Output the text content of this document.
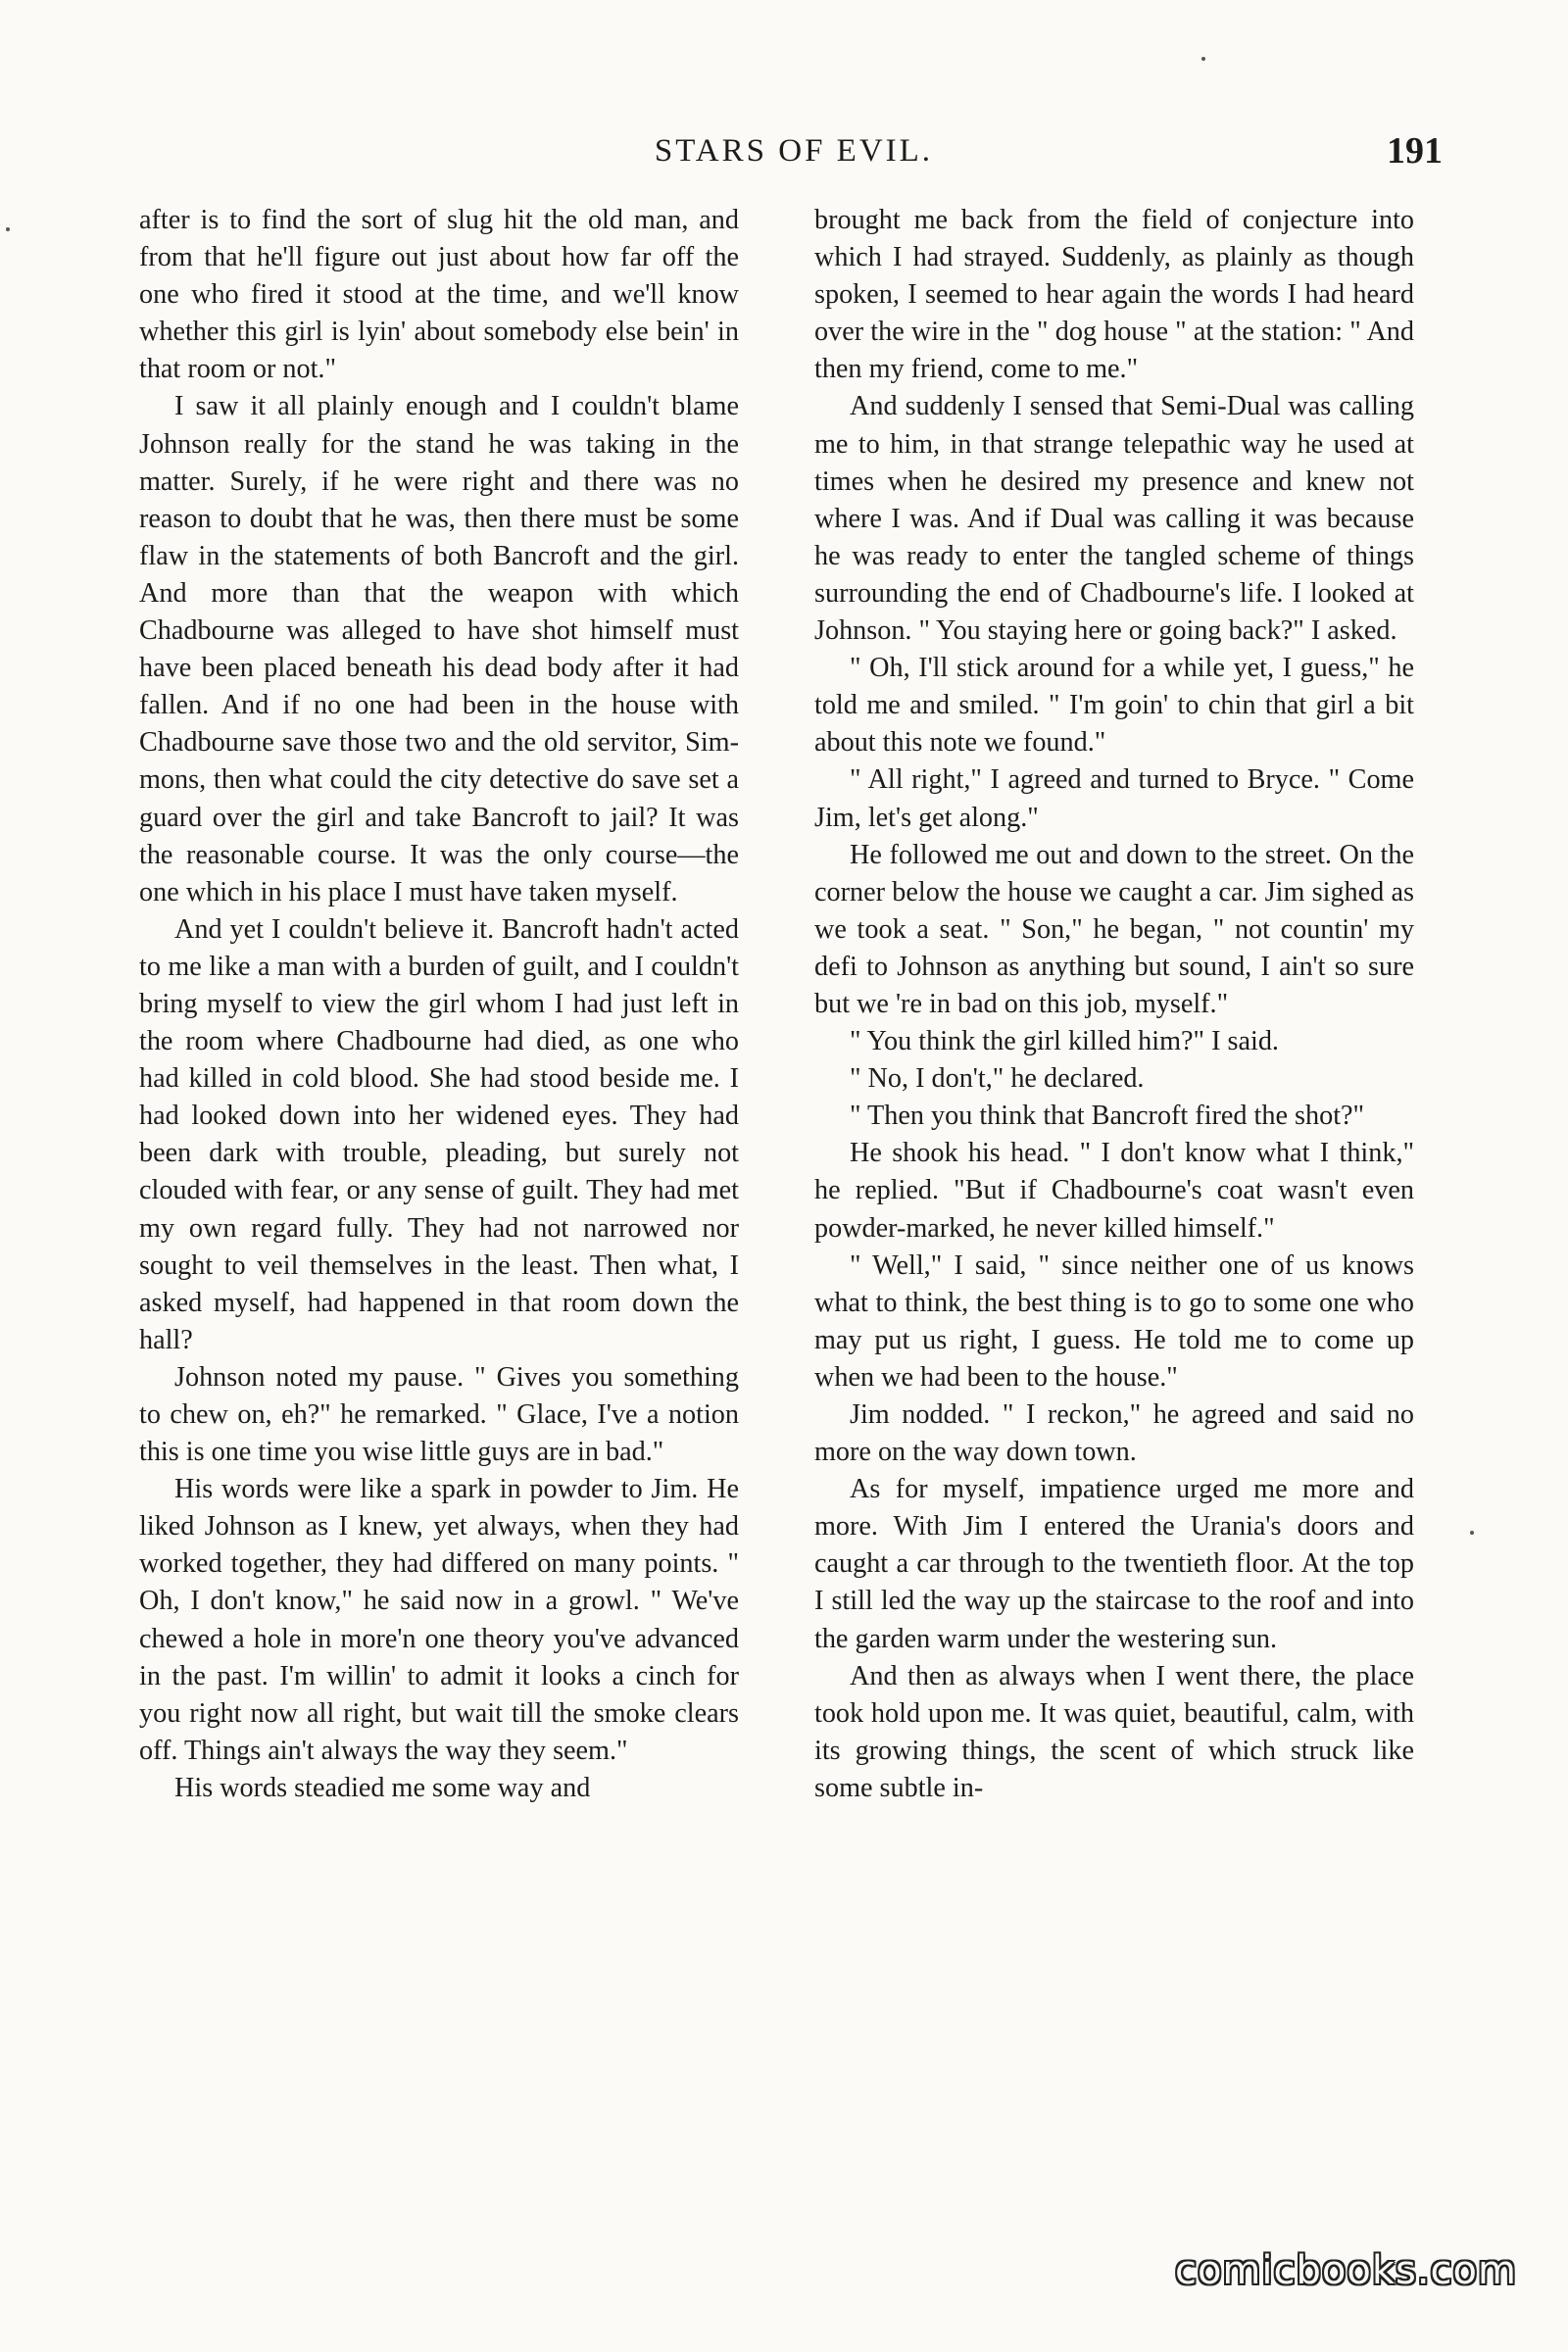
STARS OF EVIL.	191

after is to find the sort of slug hit the old man, and from that he'll figure out just about how far off the one who fired it stood at the time, and we'll know whether this girl is lyin' about somebody else bein' in that room or not."

I saw it all plainly enough and I couldn't blame Johnson really for the stand he was taking in the matter. Surely, if he were right and there was no reason to doubt that he was, then there must be some flaw in the statements of both Bancroft and the girl. And more than that the weapon with which Chadbourne was alleged to have shot himself must have been placed beneath his dead body after it had fallen. And if no one had been in the house with Chadbourne save those two and the old servitor, Simmons, then what could the city detective do save set a guard over the girl and take Bancroft to jail? It was the reasonable course. It was the only course—the one which in his place I must have taken myself.

And yet I couldn't believe it. Bancroft hadn't acted to me like a man with a burden of guilt, and I couldn't bring myself to view the girl whom I had just left in the room where Chadbourne had died, as one who had killed in cold blood. She had stood beside me. I had looked down into her widened eyes. They had been dark with trouble, pleading, but surely not clouded with fear, or any sense of guilt. They had met my own regard fully. They had not narrowed nor sought to veil themselves in the least. Then what, I asked myself, had happened in that room down the hall?

Johnson noted my pause. " Gives you something to chew on, eh?" he remarked. " Glace, I've a notion this is one time you wise little guys are in bad."

His words were like a spark in powder to Jim. He liked Johnson as I knew, yet always, when they had worked together, they had differed on many points. " Oh, I don't know," he said now in a growl. " We've chewed a hole in more'n one theory you've advanced in the past. I'm willin' to admit it looks a cinch for you right now all right, but wait till the smoke clears off. Things ain't always the way they seem."

His words steadied me some way and

brought me back from the field of conjecture into which I had strayed. Suddenly, as plainly as though spoken, I seemed to hear again the words I had heard over the wire in the " dog house " at the station: " And then my friend, come to me."

And suddenly I sensed that Semi-Dual was calling me to him, in that strange telepathic way he used at times when he desired my presence and knew not where I was. And if Dual was calling it was because he was ready to enter the tangled scheme of things surrounding the end of Chadbourne's life. I looked at Johnson. " You staying here or going back?" I asked.

" Oh, I'll stick around for a while yet, I guess," he told me and smiled. " I'm goin' to chin that girl a bit about this note we found."

" All right," I agreed and turned to Bryce. " Come Jim, let's get along."

He followed me out and down to the street. On the corner below the house we caught a car. Jim sighed as we took a seat. " Son," he began, " not countin' my defi to Johnson as anything but sound, I ain't so sure but we 're in bad on this job, myself."

" You think the girl killed him?" I said.

" No, I don't," he declared.

" Then you think that Bancroft fired the shot?"

He shook his head. " I don't know what I think," he replied. "But if Chadbourne's coat wasn't even powder-marked, he never killed himself."

" Well," I said, " since neither one of us knows what to think, the best thing is to go to some one who may put us right, I guess. He told me to come up when we had been to the house."

Jim nodded. " I reckon," he agreed and said no more on the way down town.

As for myself, impatience urged me more and more. With Jim I entered the Urania's doors and caught a car through to the twentieth floor. At the top I still led the way up the staircase to the roof and into the garden warm under the westering sun.

And then as always when I went there, the place took hold upon me. It was quiet, beautiful, calm, with its growing things, the scent of which struck like some subtle in-

comicbooks.com
